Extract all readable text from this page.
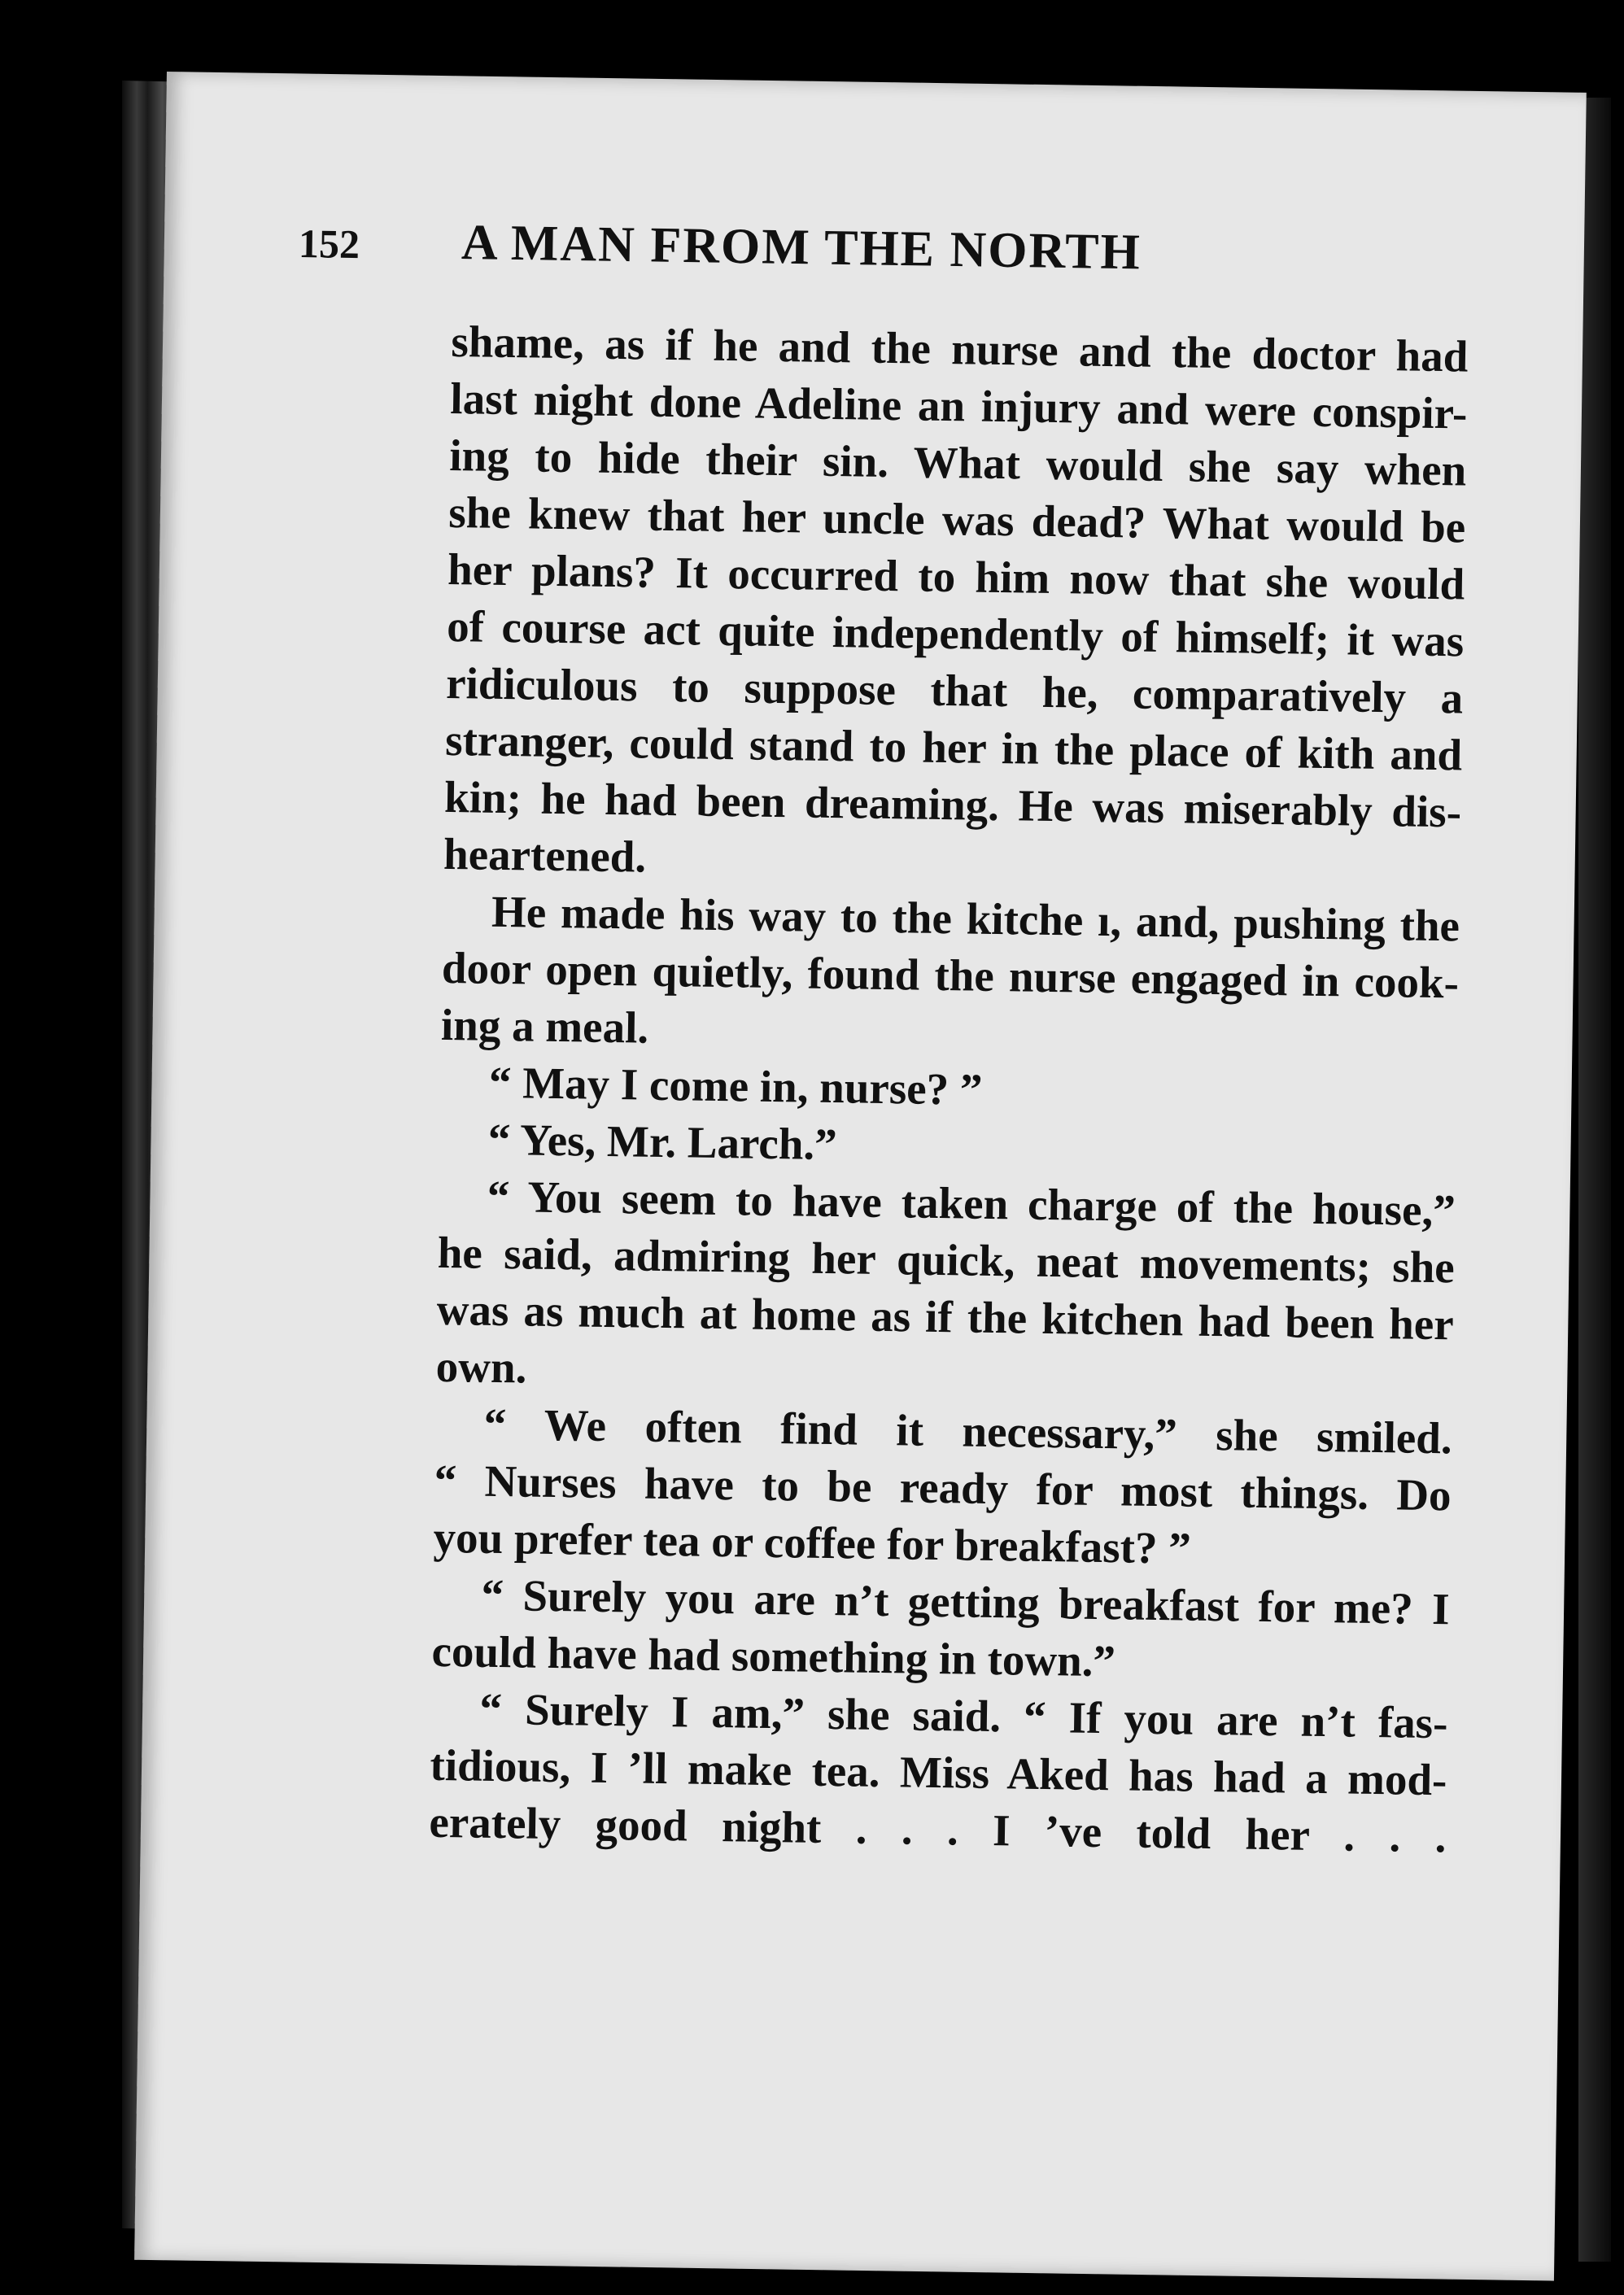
152 A MAN FROM THE NORTH
shame, as if he and the nurse and the doctor had
last night done Adeline an injury and were conspir-
ing to hide their sin. What would she say when
she knew that her uncle was dead? What would be
her plans? It occurred to him now that she would
of course act quite independently of himself; it was
ridiculous to suppose that he, comparatively a
stranger, could stand to her in the place of kith and
kin; he had been dreaming. He was miserably dis-
heartened.
He made his way to the kitche ı, and, pushing the
door open quietly, found the nurse engaged in cook-
ing a meal.
“ May I come in, nurse? ”
“ Yes, Mr. Larch.”
“ You seem to have taken charge of the house,”
he said, admiring her quick, neat movements; she
was as much at home as if the kitchen had been her
own.
“ We often find it necessary,” she smiled.
“ Nurses have to be ready for most things. Do
you prefer tea or coffee for breakfast? ”
“ Surely you are n’t getting breakfast for me? I
could have had something in town.”
“ Surely I am,” she said. “ If you are n’t fas-
tidious, I ’ll make tea. Miss Aked has had a mod-
erately good night . . . I ’ve told her . . .
